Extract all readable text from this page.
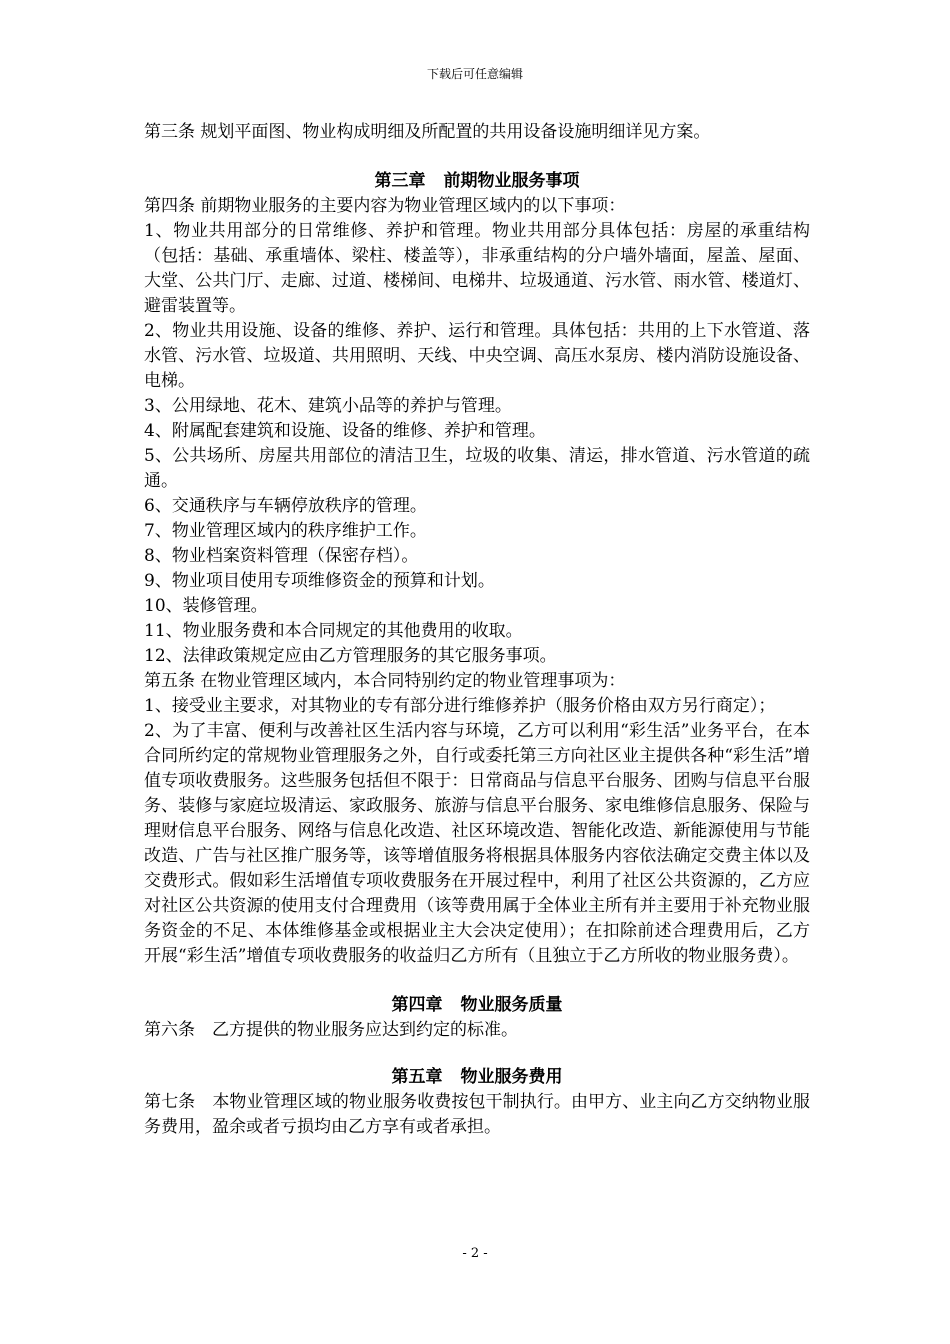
下载后可任意编辑

第三条 规划平面图、物业构成明细及所配置的共用设备设施明细详见方案。

第三章 前期物业服务事项

第四条 前期物业服务的主要内容为物业管理区域内的以下事项：

1、物业共用部分的日常维修、养护和管理。物业共用部分具体包括：房屋的承重结构（包括：基础、承重墙体、梁柱、楼盖等），非承重结构的分户墙外墙面，屋盖、屋面、大堂、公共门厅、走廊、过道、楼梯间、电梯井、垃圾通道、污水管、雨水管、楼道灯、避雷装置等。

2、物业共用设施、设备的维修、养护、运行和管理。具体包括：共用的上下水管道、落水管、污水管、垃圾道、共用照明、天线、中央空调、高压水泵房、楼内消防设施设备、电梯。

3、公用绿地、花木、建筑小品等的养护与管理。

4、附属配套建筑和设施、设备的维修、养护和管理。

5、公共场所、房屋共用部位的清洁卫生，垃圾的收集、清运，排水管道、污水管道的疏通。

6、交通秩序与车辆停放秩序的管理。

7、物业管理区域内的秩序维护工作。

8、物业档案资料管理（保密存档）。

9、物业项目使用专项维修资金的预算和计划。

10、装修管理。

11、物业服务费和本合同规定的其他费用的收取。

12、法律政策规定应由乙方管理服务的其它服务事项。

第五条 在物业管理区域内，本合同特别约定的物业管理事项为：

1、接受业主要求，对其物业的专有部分进行维修养护（服务价格由双方另行商定）；

2、为了丰富、便利与改善社区生活内容与环境，乙方可以利用“彩生活”业务平台，在本合同所约定的常规物业管理服务之外，自行或委托第三方向社区业主提供各种“彩生活”增值专项收费服务。这些服务包括但不限于：日常商品与信息平台服务、团购与信息平台服务、装修与家庭垃圾清运、家政服务、旅游与信息平台服务、家电维修信息服务、保险与理财信息平台服务、网络与信息化改造、社区环境改造、智能化改造、新能源使用与节能改造、广告与社区推广服务等，该等增值服务将根据具体服务内容依法确定交费主体以及交费形式。假如彩生活增值专项收费服务在开展过程中，利用了社区公共资源的，乙方应对社区公共资源的使用支付合理费用（该等费用属于全体业主所有并主要用于补充物业服务资金的不足、本体维修基金或根据业主大会决定使用）；在扣除前述合理费用后，乙方开展“彩生活”增值专项收费服务的收益归乙方所有（且独立于乙方所收的物业服务费）。

第四章 物业服务质量

第六条　乙方提供的物业服务应达到约定的标准。

第五章 物业服务费用

第七条　本物业管理区域的物业服务收费按包干制执行。由甲方、业主向乙方交纳物业服务费用，盈余或者亏损均由乙方享有或者承担。

- 2 -
